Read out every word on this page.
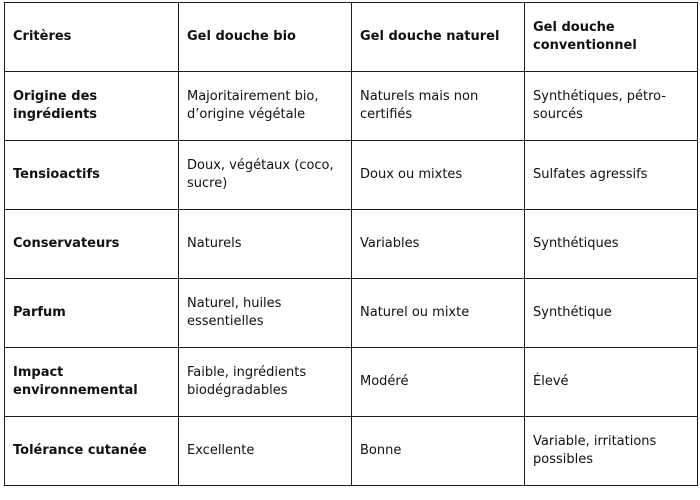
Critères	Gel douche bio	Gel douche naturel	Gel douche conventionnel

Origine des ingrédients	Majoritairement bio, d’origine végétale	Naturels mais non certifiés	Synthétiques, pétro-sourcés

Tensioactifs	Doux, végétaux (coco, sucre)	Doux ou mixtes	Sulfates agressifs

Conservateurs	Naturels	Variables	Synthétiques

Parfum	Naturel, huiles essentielles	Naturel ou mixte	Synthétique

Impact environnemental	Faible, ingrédients biodégradables	Modéré	Élevé

Tolérance cutanée	Excellente	Bonne	Variable, irritations possibles
